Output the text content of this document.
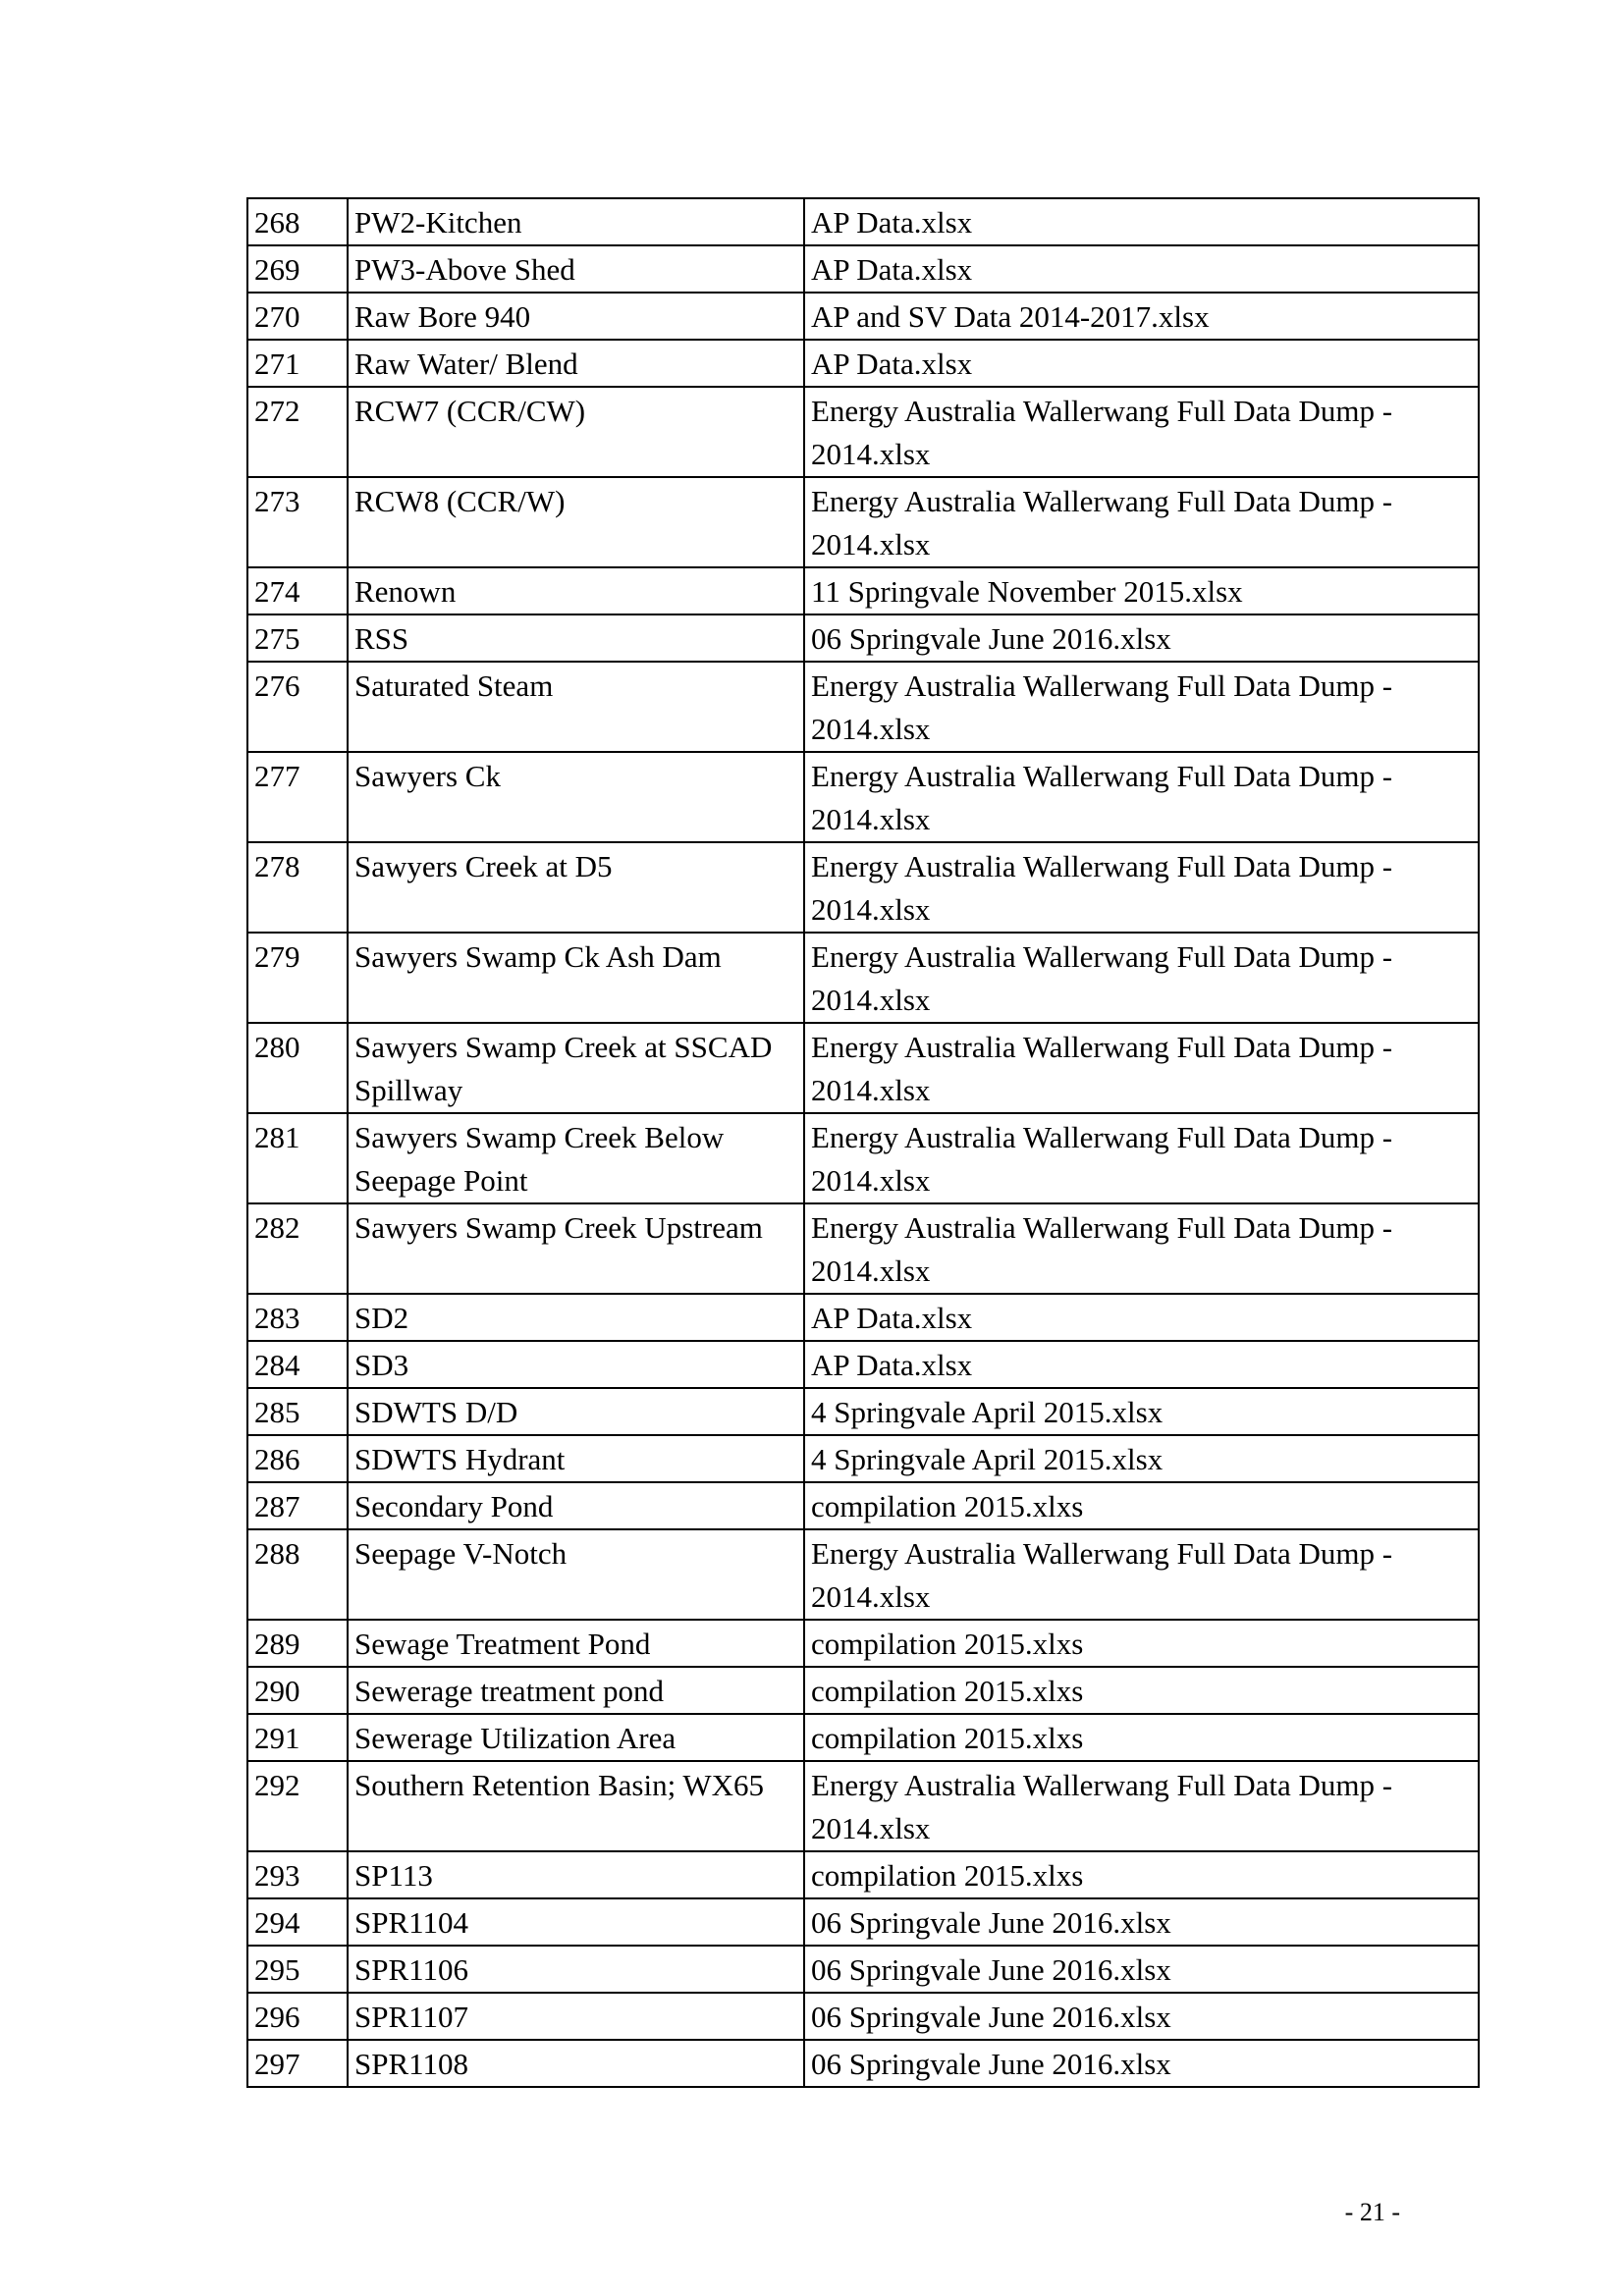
268	PW2-Kitchen	AP Data.xlsx
269	PW3-Above Shed	AP Data.xlsx
270	Raw Bore 940	AP and SV Data 2014-2017.xlsx
271	Raw Water/ Blend	AP Data.xlsx
272	RCW7 (CCR/CW)	Energy Australia Wallerwang Full Data Dump - 2014.xlsx
273	RCW8 (CCR/W)	Energy Australia Wallerwang Full Data Dump - 2014.xlsx
274	Renown	11 Springvale November 2015.xlsx
275	RSS	06 Springvale June 2016.xlsx
276	Saturated Steam	Energy Australia Wallerwang Full Data Dump - 2014.xlsx
277	Sawyers Ck	Energy Australia Wallerwang Full Data Dump - 2014.xlsx
278	Sawyers Creek at D5	Energy Australia Wallerwang Full Data Dump - 2014.xlsx
279	Sawyers Swamp Ck Ash Dam	Energy Australia Wallerwang Full Data Dump - 2014.xlsx
280	Sawyers Swamp Creek at SSCAD Spillway	Energy Australia Wallerwang Full Data Dump - 2014.xlsx
281	Sawyers Swamp Creek Below Seepage Point	Energy Australia Wallerwang Full Data Dump - 2014.xlsx
282	Sawyers Swamp Creek Upstream	Energy Australia Wallerwang Full Data Dump - 2014.xlsx
283	SD2	AP Data.xlsx
284	SD3	AP Data.xlsx
285	SDWTS D/D	4 Springvale April 2015.xlsx
286	SDWTS Hydrant	4 Springvale April 2015.xlsx
287	Secondary Pond	compilation 2015.xlxs
288	Seepage V-Notch	Energy Australia Wallerwang Full Data Dump - 2014.xlsx
289	Sewage Treatment Pond	compilation 2015.xlxs
290	Sewerage treatment pond	compilation 2015.xlxs
291	Sewerage Utilization Area	compilation 2015.xlxs
292	Southern Retention Basin; WX65	Energy Australia Wallerwang Full Data Dump - 2014.xlsx
293	SP113	compilation 2015.xlxs
294	SPR1104	06 Springvale June 2016.xlsx
295	SPR1106	06 Springvale June 2016.xlsx
296	SPR1107	06 Springvale June 2016.xlsx
297	SPR1108	06 Springvale June 2016.xlsx
- 21 -
